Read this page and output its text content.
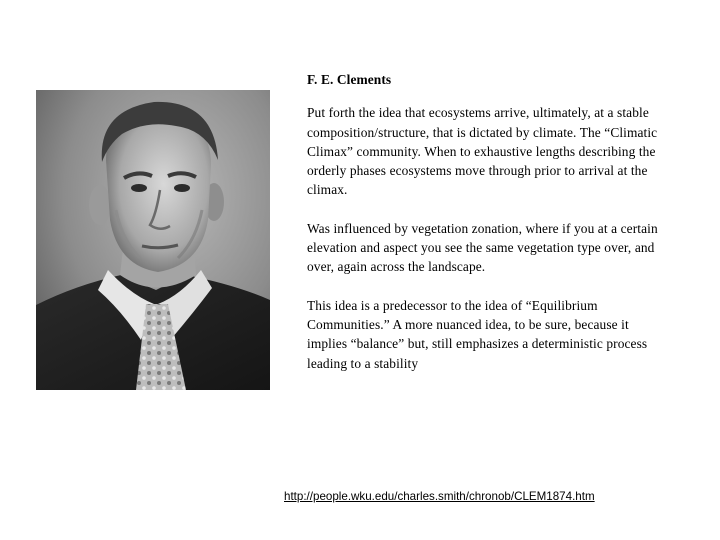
F. E. Clements
Put forth the idea that ecosystems arrive, ultimately, at a stable composition/structure, that is dictated by climate. The “Climatic Climax” community. When to exhaustive lengths describing the orderly phases ecosystems move through prior to arrival at the climax.
Was influenced by vegetation zonation, where if you at a certain elevation and aspect you see the same vegetation type over, and over, again across the landscape.
This idea is a predecessor to the idea of “Equilibrium Communities.” A more nuanced idea, to be sure, because it implies “balance” but, still emphasizes a deterministic process leading to a stability
http://people.wku.edu/charles.smith/chronob/CLEM1874.htm
